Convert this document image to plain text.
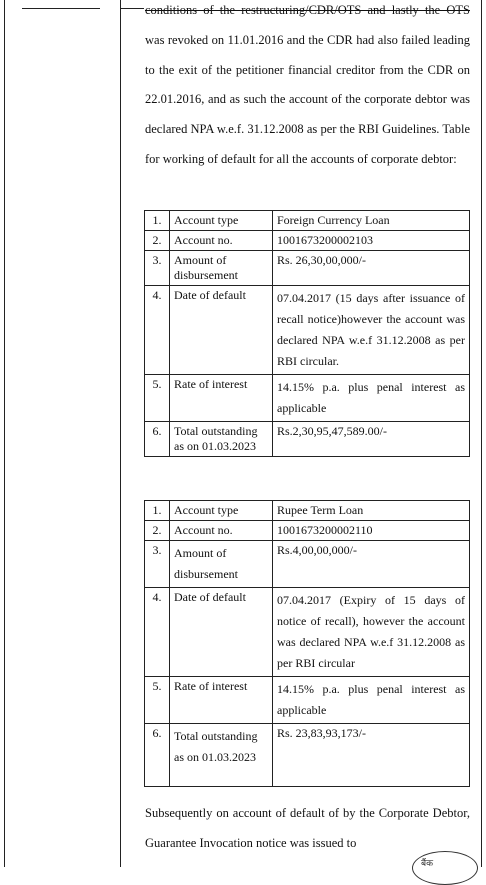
conditions of the restructuring/CDR/OTS and lastly the OTS was revoked on 11.01.2016 and the CDR had also failed leading to the exit of the petitioner financial creditor from the CDR on 22.01.2016, and as such the account of the corporate debtor was declared NPA w.e.f. 31.12.2008 as per the RBI Guidelines. Table for working of default for all the accounts of corporate debtor:

1.	Account type	Foreign Currency Loan
2.	Account no.	1001673200002103
3.	Amount of disbursement	Rs. 26,30,00,000/-
4.	Date of default	07.04.2017 (15 days after issuance of recall notice)however the account was declared NPA w.e.f 31.12.2008 as per RBI circular.
5.	Rate of interest	14.15% p.a. plus penal interest as applicable
6.	Total outstanding as on 01.03.2023	Rs.2,30,95,47,589.00/-
1.	Account type	Rupee Term Loan
2.	Account no.	1001673200002110
3.	Amount of disbursement	Rs.4,00,00,000/-
4.	Date of default	07.04.2017 (Expiry of 15 days of notice of recall), however the account was declared NPA w.e.f 31.12.2008 as per RBI circular
5.	Rate of interest	14.15% p.a. plus penal interest as applicable
6.	Total outstanding as on 01.03.2023	Rs. 23,83,93,173/-

Subsequently on account of default of by the Corporate Debtor, Guarantee Invocation notice was issued to

बैंक
